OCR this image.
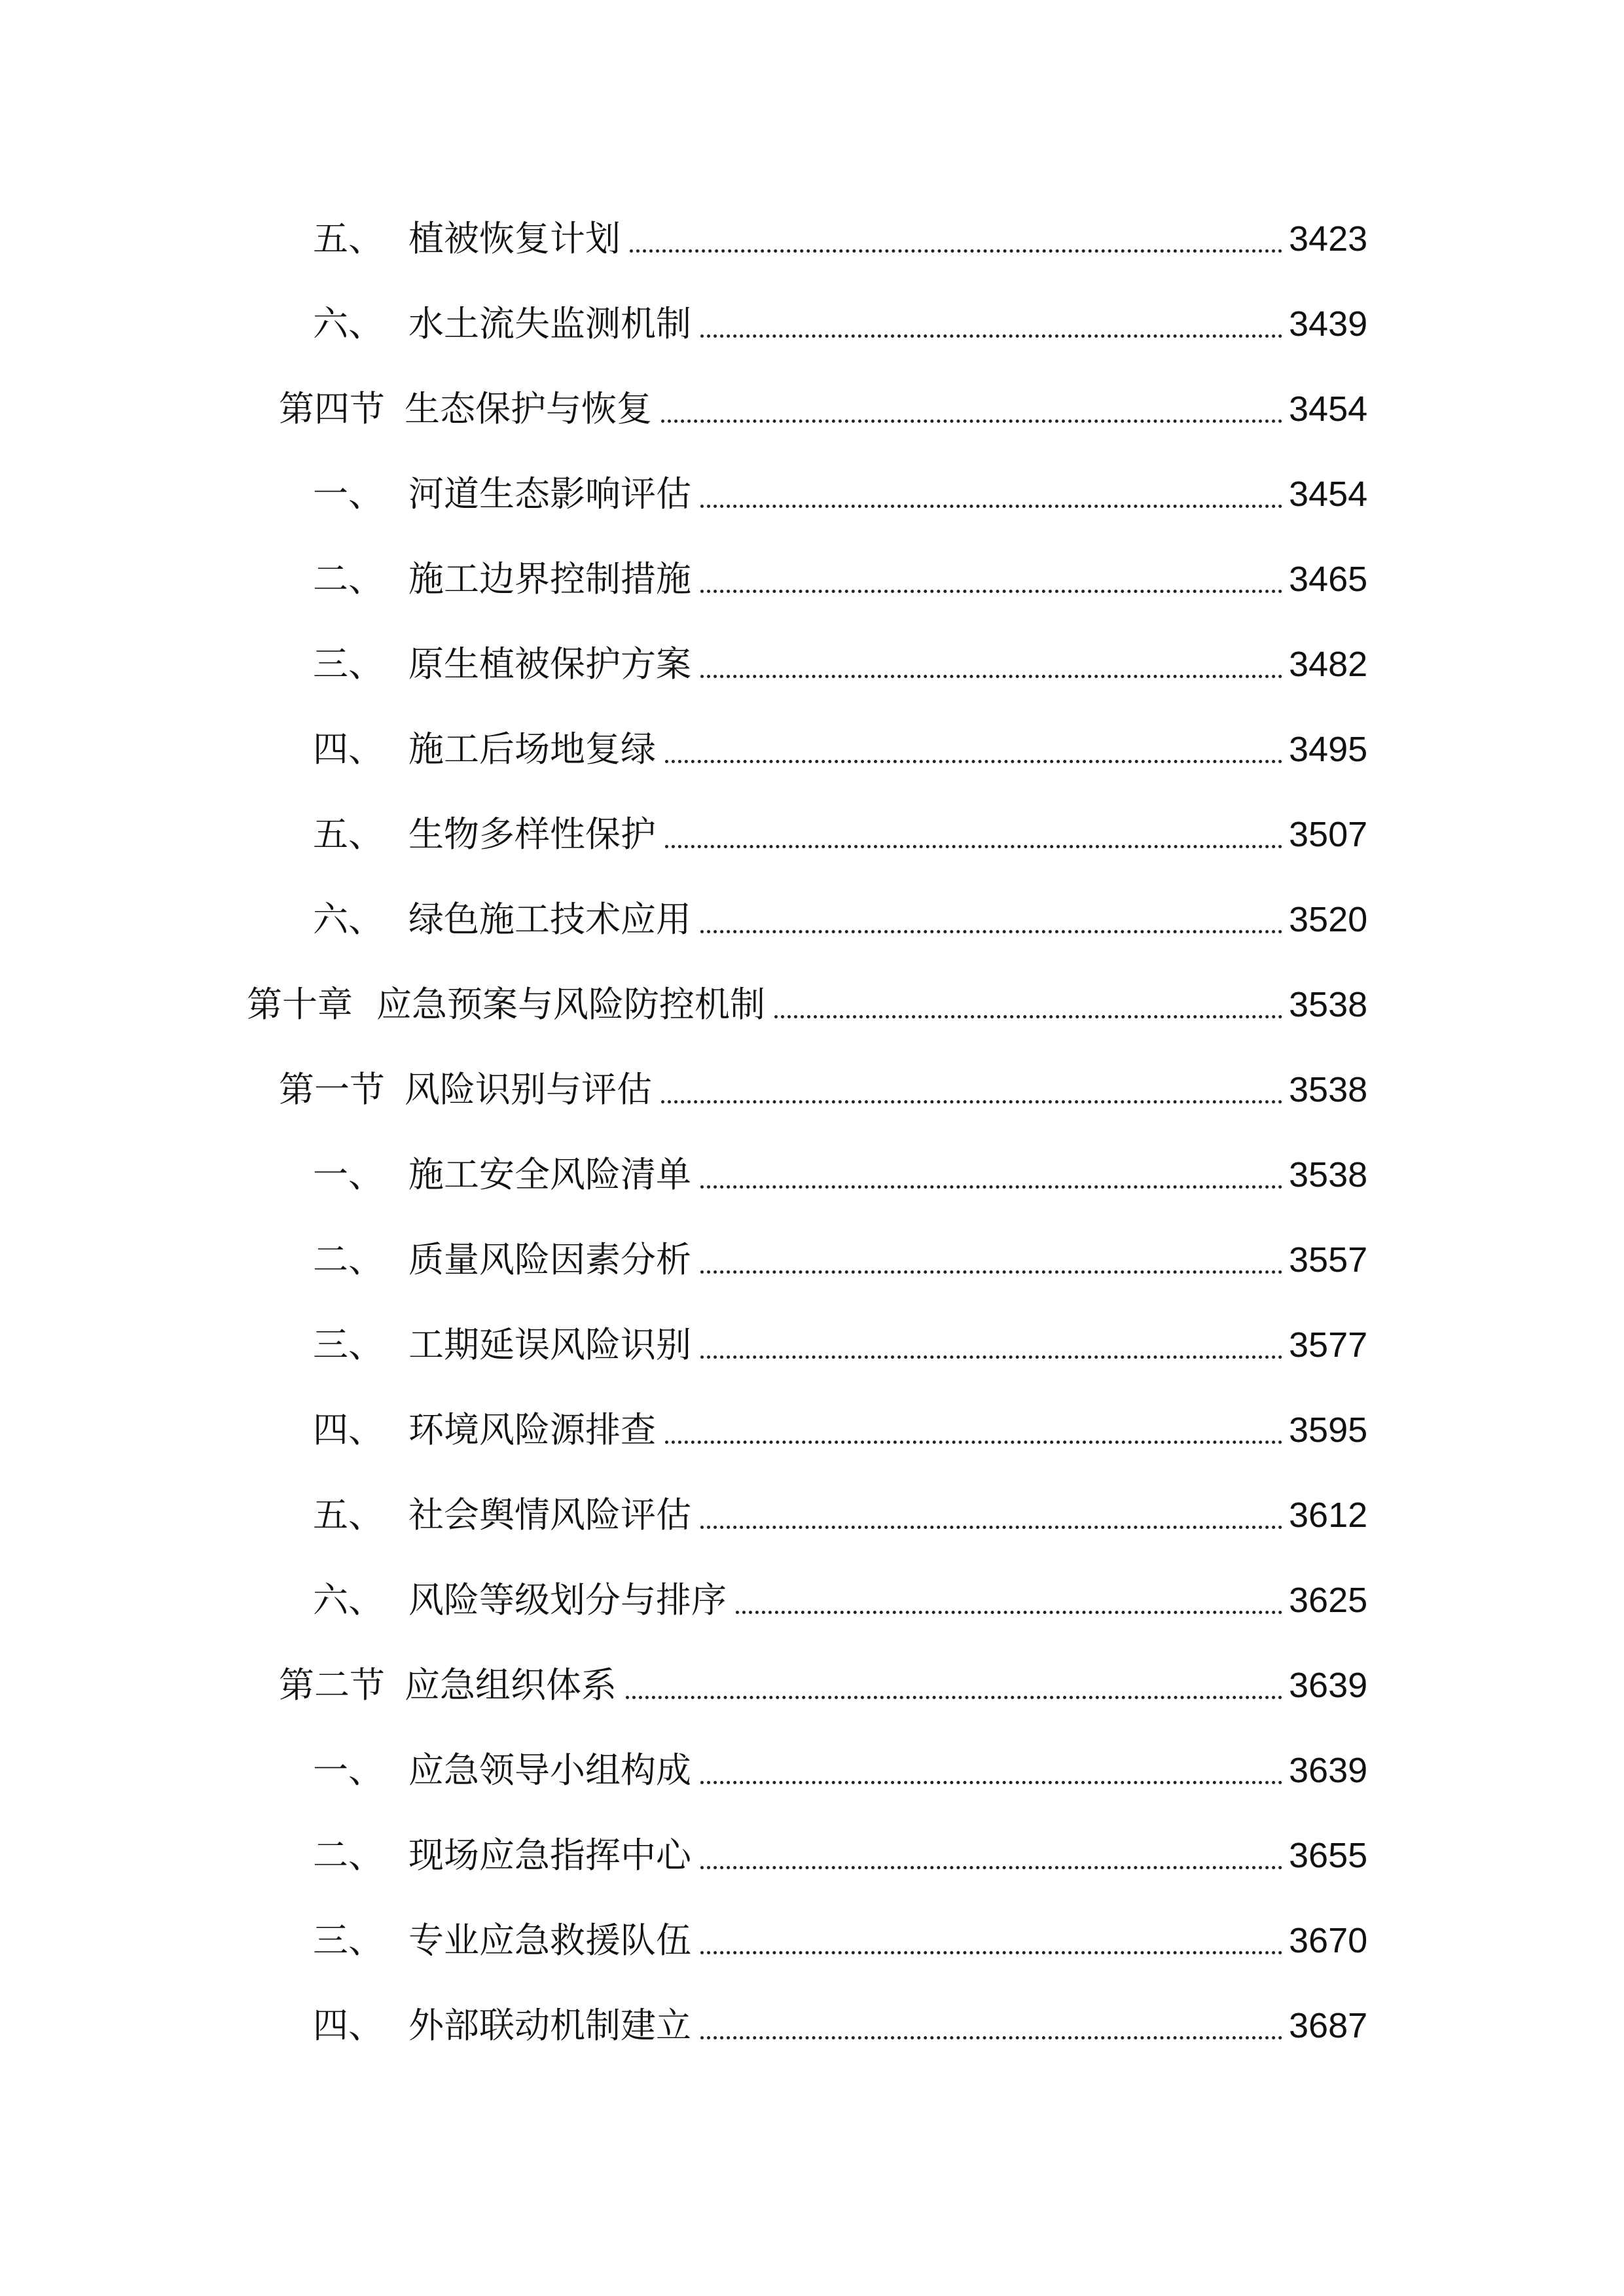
五、 植被恢复计划	3423
六、 水土流失监测机制	3439
第四节 生态保护与恢复	3454
一、 河道生态影响评估	3454
二、 施工边界控制措施	3465
三、 原生植被保护方案	3482
四、 施工后场地复绿	3495
五、 生物多样性保护	3507
六、 绿色施工技术应用	3520
第十章 应急预案与风险防控机制	3538
第一节 风险识别与评估	3538
一、 施工安全风险清单	3538
二、 质量风险因素分析	3557
三、 工期延误风险识别	3577
四、 环境风险源排查	3595
五、 社会舆情风险评估	3612
六、 风险等级划分与排序	3625
第二节 应急组织体系	3639
一、 应急领导小组构成	3639
二、 现场应急指挥中心	3655
三、 专业应急救援队伍	3670
四、 外部联动机制建立	3687
